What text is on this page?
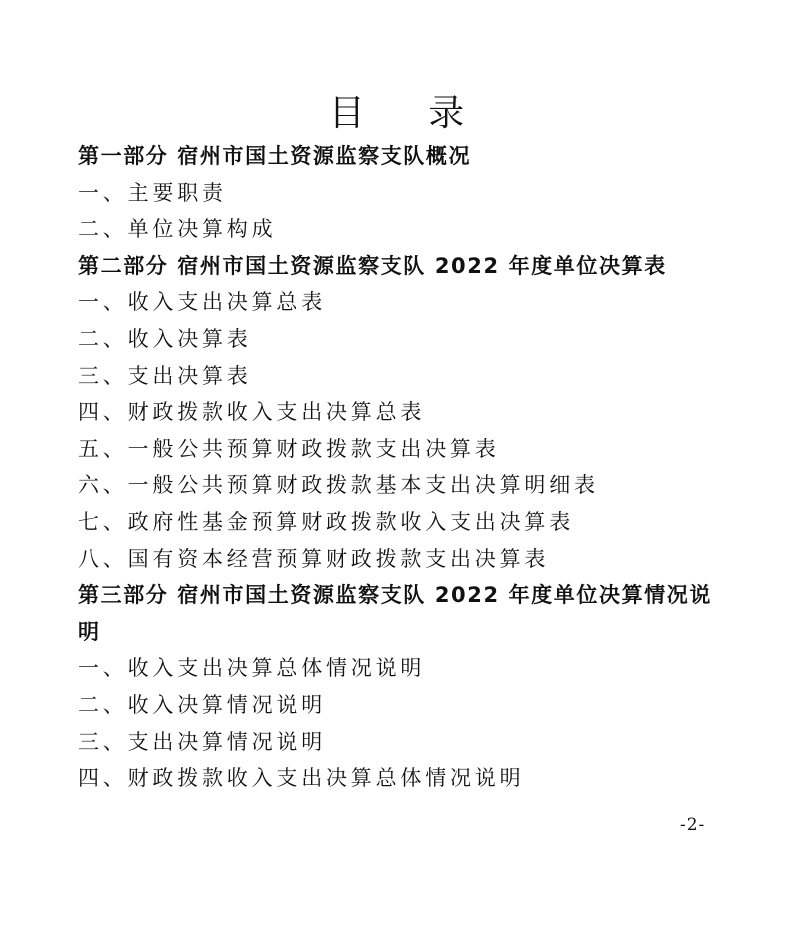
目 录
第一部分 宿州市国土资源监察支队概况
一、主要职责
二、单位决算构成
第二部分 宿州市国土资源监察支队 2022 年度单位决算表
一、收入支出决算总表
二、收入决算表
三、支出决算表
四、财政拨款收入支出决算总表
五、一般公共预算财政拨款支出决算表
六、一般公共预算财政拨款基本支出决算明细表
七、政府性基金预算财政拨款收入支出决算表
八、国有资本经营预算财政拨款支出决算表
第三部分 宿州市国土资源监察支队 2022 年度单位决算情况说明
一、收入支出决算总体情况说明
二、收入决算情况说明
三、支出决算情况说明
四、财政拨款收入支出决算总体情况说明
-2-
